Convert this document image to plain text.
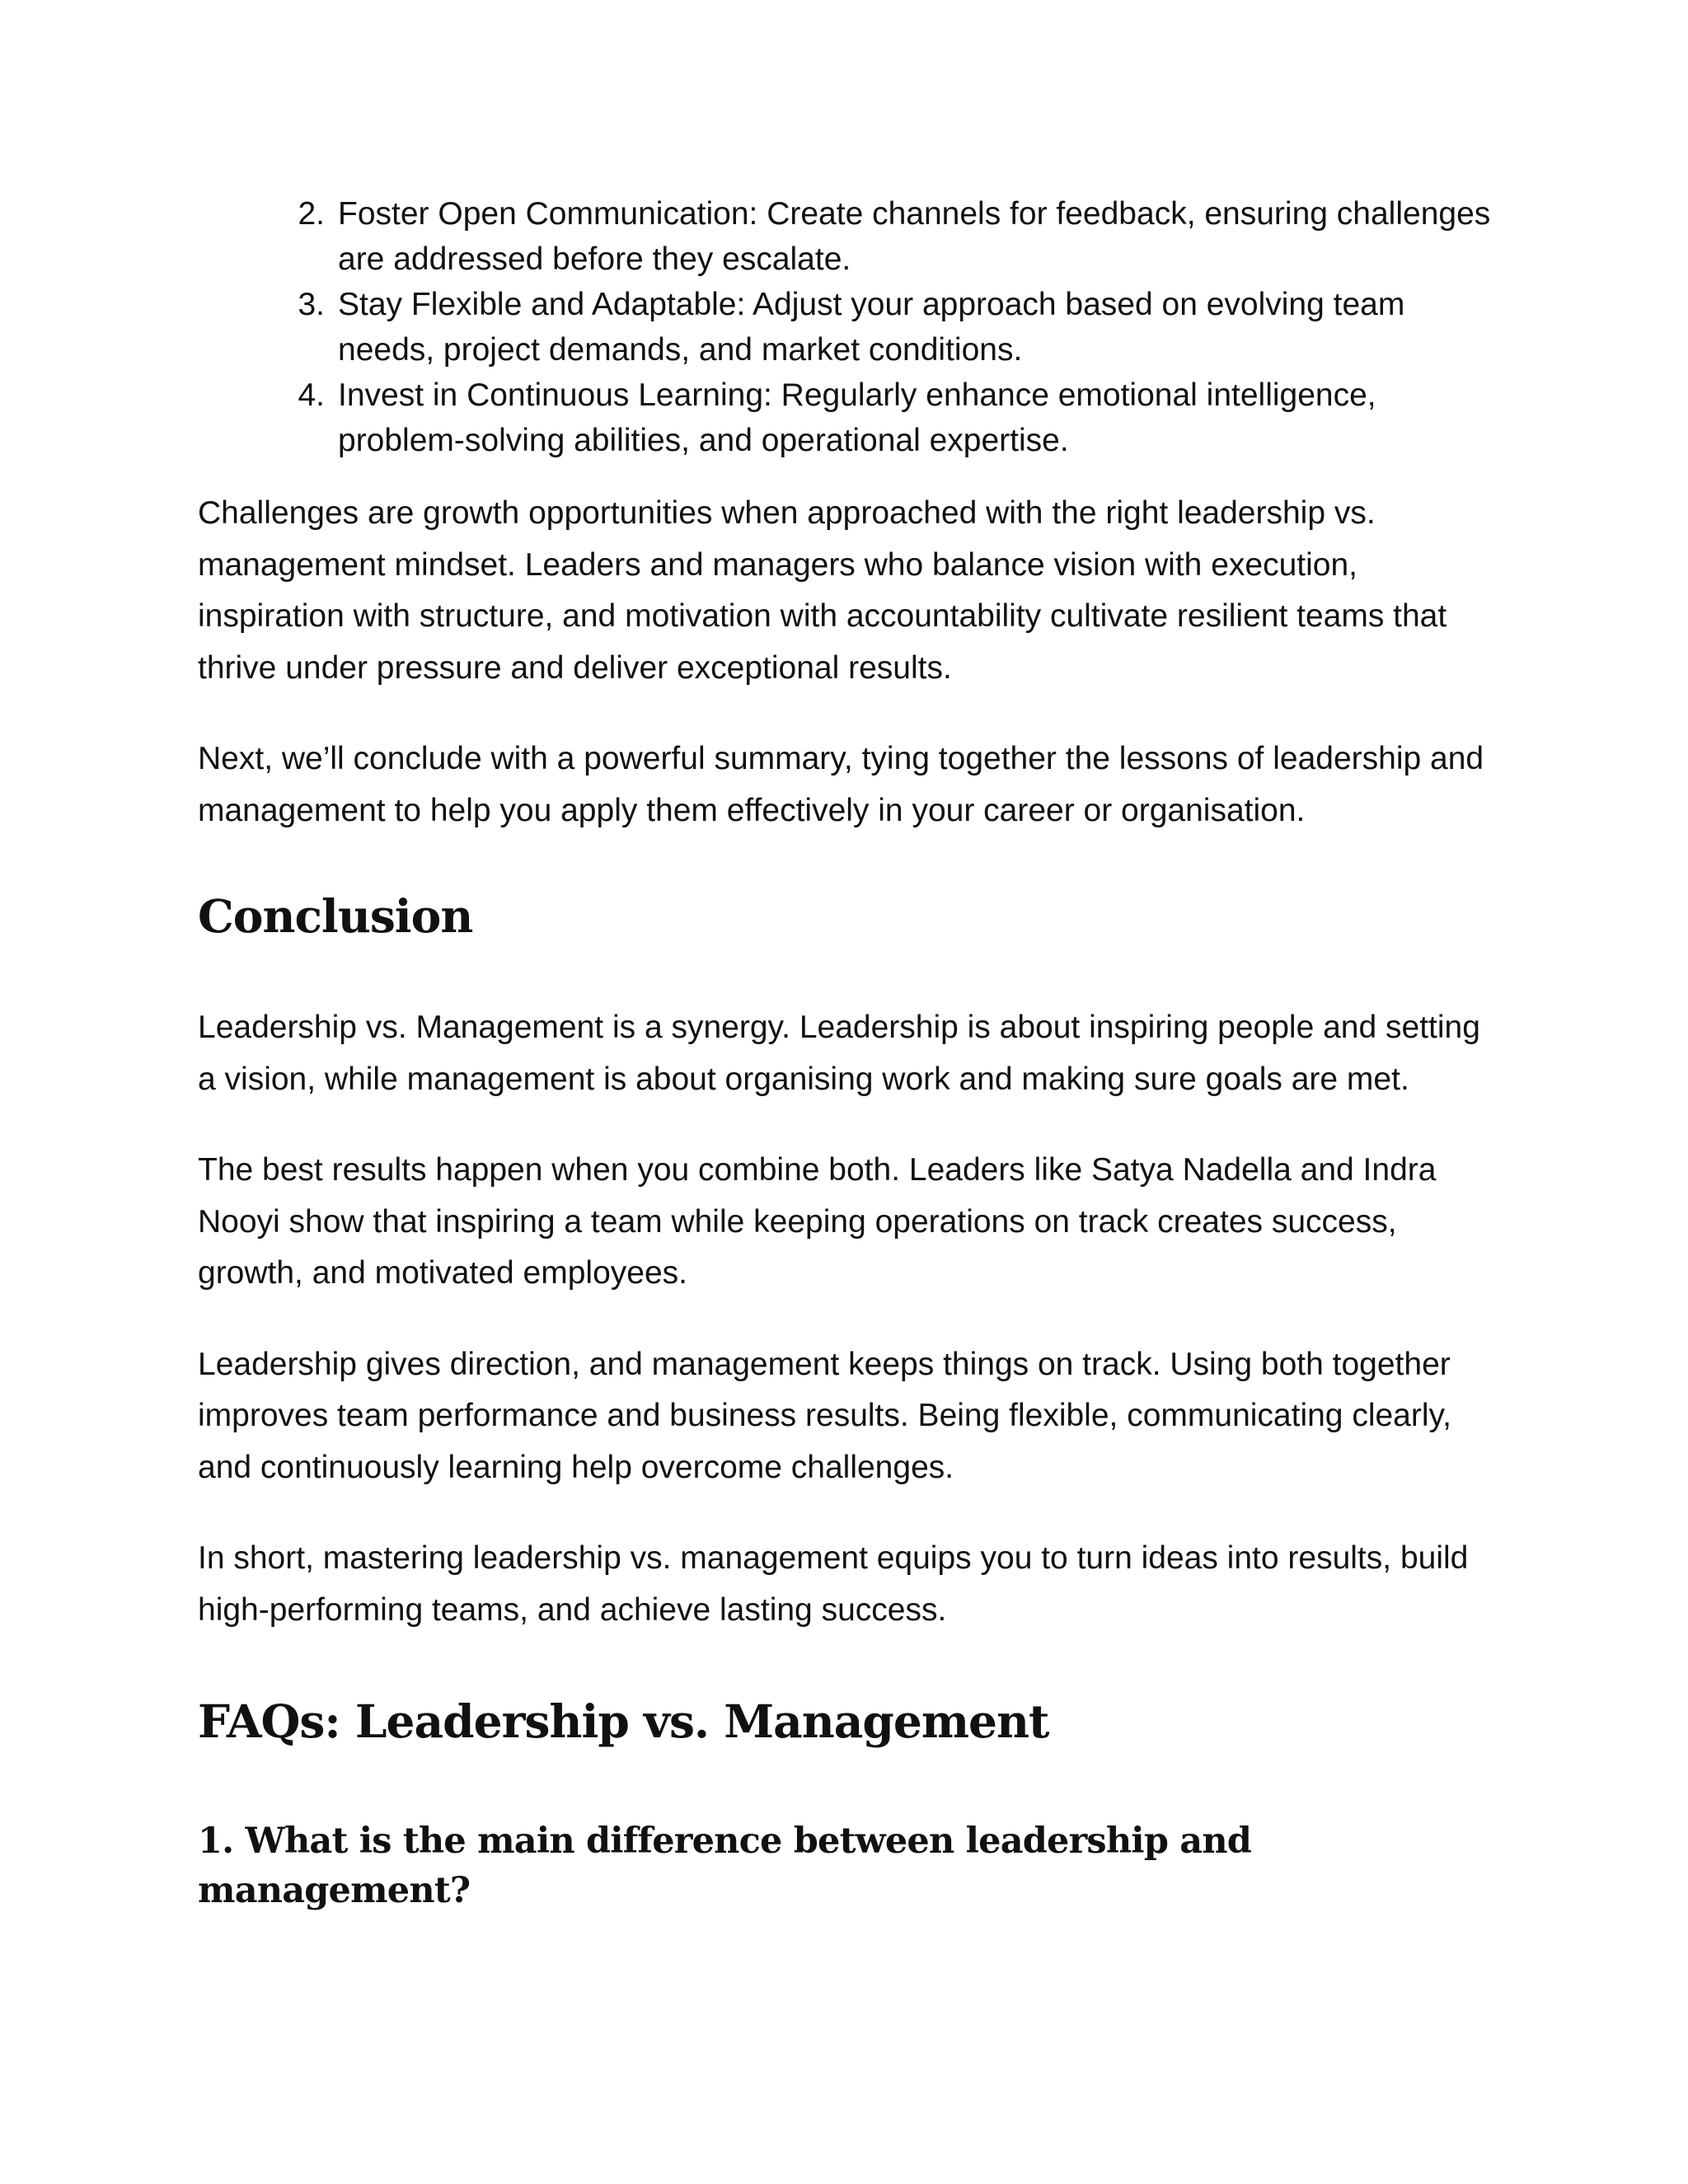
2. Foster Open Communication: Create channels for feedback, ensuring challenges are addressed before they escalate.
3. Stay Flexible and Adaptable: Adjust your approach based on evolving team needs, project demands, and market conditions.
4. Invest in Continuous Learning: Regularly enhance emotional intelligence, problem-solving abilities, and operational expertise.

Challenges are growth opportunities when approached with the right leadership vs. management mindset. Leaders and managers who balance vision with execution, inspiration with structure, and motivation with accountability cultivate resilient teams that thrive under pressure and deliver exceptional results.

Next, we’ll conclude with a powerful summary, tying together the lessons of leadership and management to help you apply them effectively in your career or organisation.

Conclusion

Leadership vs. Management is a synergy. Leadership is about inspiring people and setting a vision, while management is about organising work and making sure goals are met.

The best results happen when you combine both. Leaders like Satya Nadella and Indra Nooyi show that inspiring a team while keeping operations on track creates success, growth, and motivated employees.

Leadership gives direction, and management keeps things on track. Using both together improves team performance and business results. Being flexible, communicating clearly, and continuously learning help overcome challenges.

In short, mastering leadership vs. management equips you to turn ideas into results, build high-performing teams, and achieve lasting success.

FAQs: Leadership vs. Management
1. What is the main difference between leadership and management?
